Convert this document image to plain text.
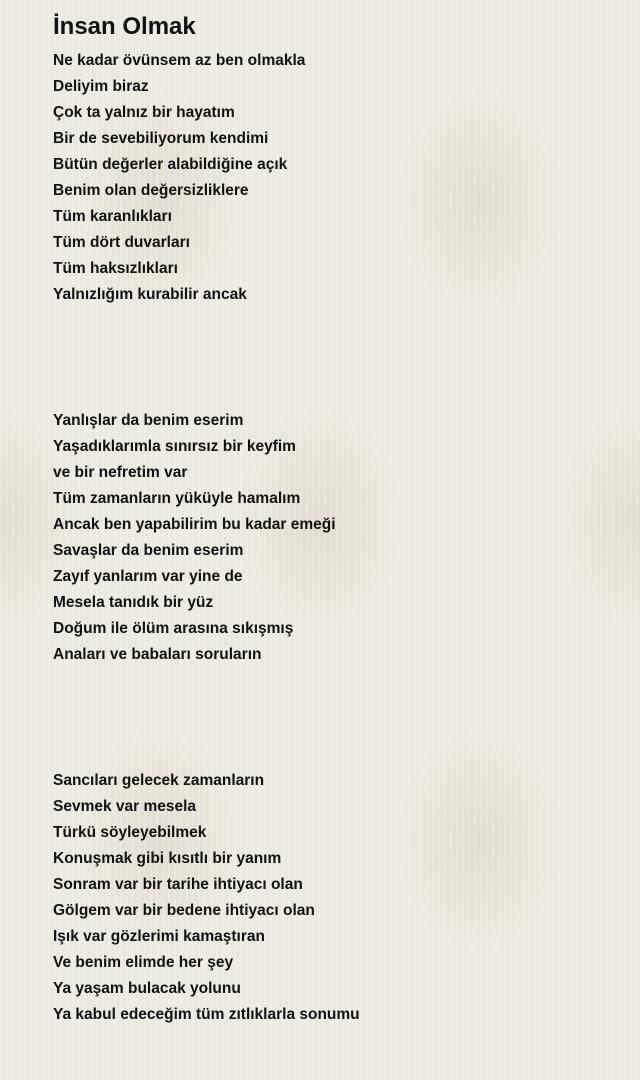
İnsan Olmak
Ne kadar övünsem az ben olmakla
Deliyim biraz
Çok ta yalnız bir hayatım
Bir de sevebiliyorum kendimi
Bütün değerler alabildiğine açık
Benim olan değersizliklere
Tüm karanlıkları
Tüm dört duvarları
Tüm haksızlıkları
Yalnızlığım kurabilir ancak
Yanlışlar da benim eserim
Yaşadıklarımla sınırsız bir keyfim
ve bir nefretim var
Tüm zamanların yüküyle hamalım
Ancak ben yapabilirim bu kadar emeği
Savaşlar da benim eserim
Zayıf yanlarım var yine de
Mesela tanıdık bir yüz
Doğum ile ölüm arasına sıkışmış
Anaları ve babaları soruların
Sancıları gelecek zamanların
Sevmek var mesela
Türkü söyleyebilmek
Konuşmak gibi kısıtlı bir yanım
Sonram var bir tarihe ihtiyacı olan
Gölgem var bir bedene ihtiyacı olan
Işık var gözlerimi kamaştıran
Ve benim elimde her şey
Ya yaşam bulacak yolunu
Ya kabul edeceğim tüm zıtlıklarla sonumu
